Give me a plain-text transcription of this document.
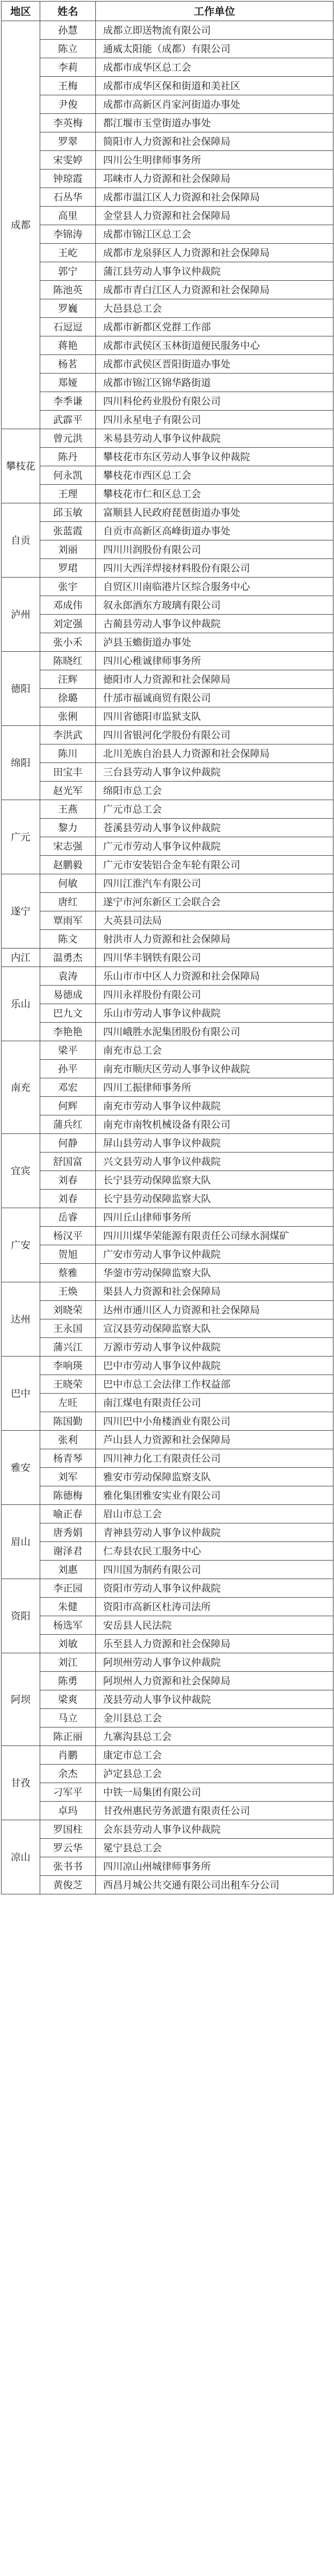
地区	姓名	工作单位
成都	孙慧	成都立即送物流有限公司
	陈立	通威太阳能（成都）有限公司
	李莉	成都市成华区总工会
	王梅	成都市成华区保和街道和美社区
	尹俊	成都市高新区肖家河街道办事处
	李英梅	都江堰市玉堂街道办事处
	罗翠	简阳市人力资源和社会保障局
	宋雯婷	四川公生明律师事务所
	钟琼霞	邛崃市人力资源和社会保障局
	石丛华	成都市温江区人力资源和社会保障局
	高里	金堂县人力资源和社会保障局
	李锦涛	成都市锦江区总工会
	王屹	成都市龙泉驿区人力资源和社会保障局
	郭宁	蒲江县劳动人事争议仲裁院
	陈池英	成都市青白江区人力资源和社会保障局
	罗巍	大邑县总工会
	石逗逗	成都市新都区党群工作部
	蒋艳	成都市武侯区玉林街道便民服务中心
	杨茗	成都市武侯区晋阳街道办事处
	郑娅	成都市锦江区锦华路街道
	李季谦	四川科伦药业股份有限公司
	武霹平	四川永星电子有限公司
攀枝花	曾元洪	米易县劳动人事争议仲裁院
	陈丹	攀枝花市东区劳动人事争议仲裁院
	何永凯	攀枝花市西区总工会
	王理	攀枝花市仁和区总工会
自贡	邱玉敏	富顺县人民政府琵琶街道办事处
	张蓝霞	自贡市高新区高峰街道办事处
	刘丽	四川川润股份有限公司
	罗珺	四川大西洋焊接材料股份有限公司
泸州	张宇	自贸区川南临港片区综合服务中心
	邓成伟	叙永郎酒东方玻璃有限公司
	刘定强	古蔺县劳动人事争议仲裁院
	张小禾	泸县玉蟾街道办事处
德阳	陈晓红	四川心稚诚律师事务所
	汪辉	德阳市人力资源和社会保障局
	徐璐	什邡市福诚商贸有限公司
	张俐	四川省德阳市监狱支队
绵阳	李洪武	四川省银河化学股份有限公司
	陈川	北川羌族自治县人力资源和社会保障局
	田宝丰	三台县劳动人事争议仲裁院
	赵光军	绵阳市总工会
广元	王燕	广元市总工会
	黎力	苍溪县劳动人事争议仲裁院
	宋志强	广元市劳动人事争议仲裁院
	赵鹏毅	广元市安装铝合金车轮有限公司
遂宁	何敏	四川江淮汽车有限公司
	唐红	遂宁市河东新区工会联合会
	覃雨军	大英县司法局
	陈文	射洪市人力资源和社会保障局
内江	温勇杰	四川华丰钢铁有限公司
乐山	袁涛	乐山市市中区人力资源和社会保障局
	易德成	四川永祥股份有限公司
	巴九文	乐山市劳动人事争议仲裁院
	李艳艳	四川峨胜水泥集团股份有限公司
南充	梁平	南充市总工会
	孙平	南充市顺庆区劳动人事争议仲裁院
	邓宏	四川工振律师事务所
	何辉	南充市劳动人事争议仲裁院
	蒲兵红	南充市南牧机械设备有限公司
宜宾	何静	屏山县劳动人事争议仲裁院
	舒国富	兴文县劳动人事争议仲裁院
	刘春	长宁县劳动保障监察大队
	刘春	长宁县劳动保障监察大队
广安	岳睿	四川丘山律师事务所
	杨汉平	四川川煤华荣能源有限责任公司绿水洞煤矿
	贺旭	广安市劳动人事争议仲裁院
	蔡雅	华蓥市劳动保障监察大队
达州	王焕	渠县人力资源和社会保障局
	刘晓荣	达州市通川区人力资源和社会保障局
	王永国	宣汉县劳动保障监察大队
	蒲兴江	万源市劳动人事争议仲裁院
巴中	李响瑛	巴中市劳动人事争议仲裁院
	王晓荣	巴中市总工会法律工作权益部
	左旺	南江煤电有限责任公司
	陈国勤	四川巴中小角楼酒业有限公司
雅安	张利	芦山县人力资源和社会保障局
	杨青琴	四川神力化工有限责任公司
	刘军	雅安市劳动保障监察支队
	陈德梅	雅化集团雅安实业有限公司
眉山	喻正春	眉山市总工会
	唐秀娟	青神县劳动人事争议仲裁院
	谢泽君	仁寿县农民工服务中心
	刘惠	四川国为制药有限公司
资阳	李正园	资阳市劳动人事争议仲裁院
	朱健	资阳市高新区杜涛司法所
	杨选军	安岳县人民法院
	刘敏	乐至县人力资源和社会保障局
阿坝	刘江	阿坝州劳动人事争议仲裁院
	陈勇	阿坝州人力资源和社会保障局
	梁爽	茂县劳动人事争议仲裁院
	马立	金川县总工会
	陈正丽	九寨沟县总工会
甘孜	肖鹏	康定市总工会
	余杰	泸定县总工会
	刁军平	中铁一局集团有限公司
	卓玛	甘孜州惠民劳务派遣有限责任公司
凉山	罗国柱	会东县劳动人事争议仲裁院
	罗云华	冕宁县总工会
	张书书	四川凉山州城律师事务所
	黄俊芝	西昌月城公共交通有限公司出租车分公司
